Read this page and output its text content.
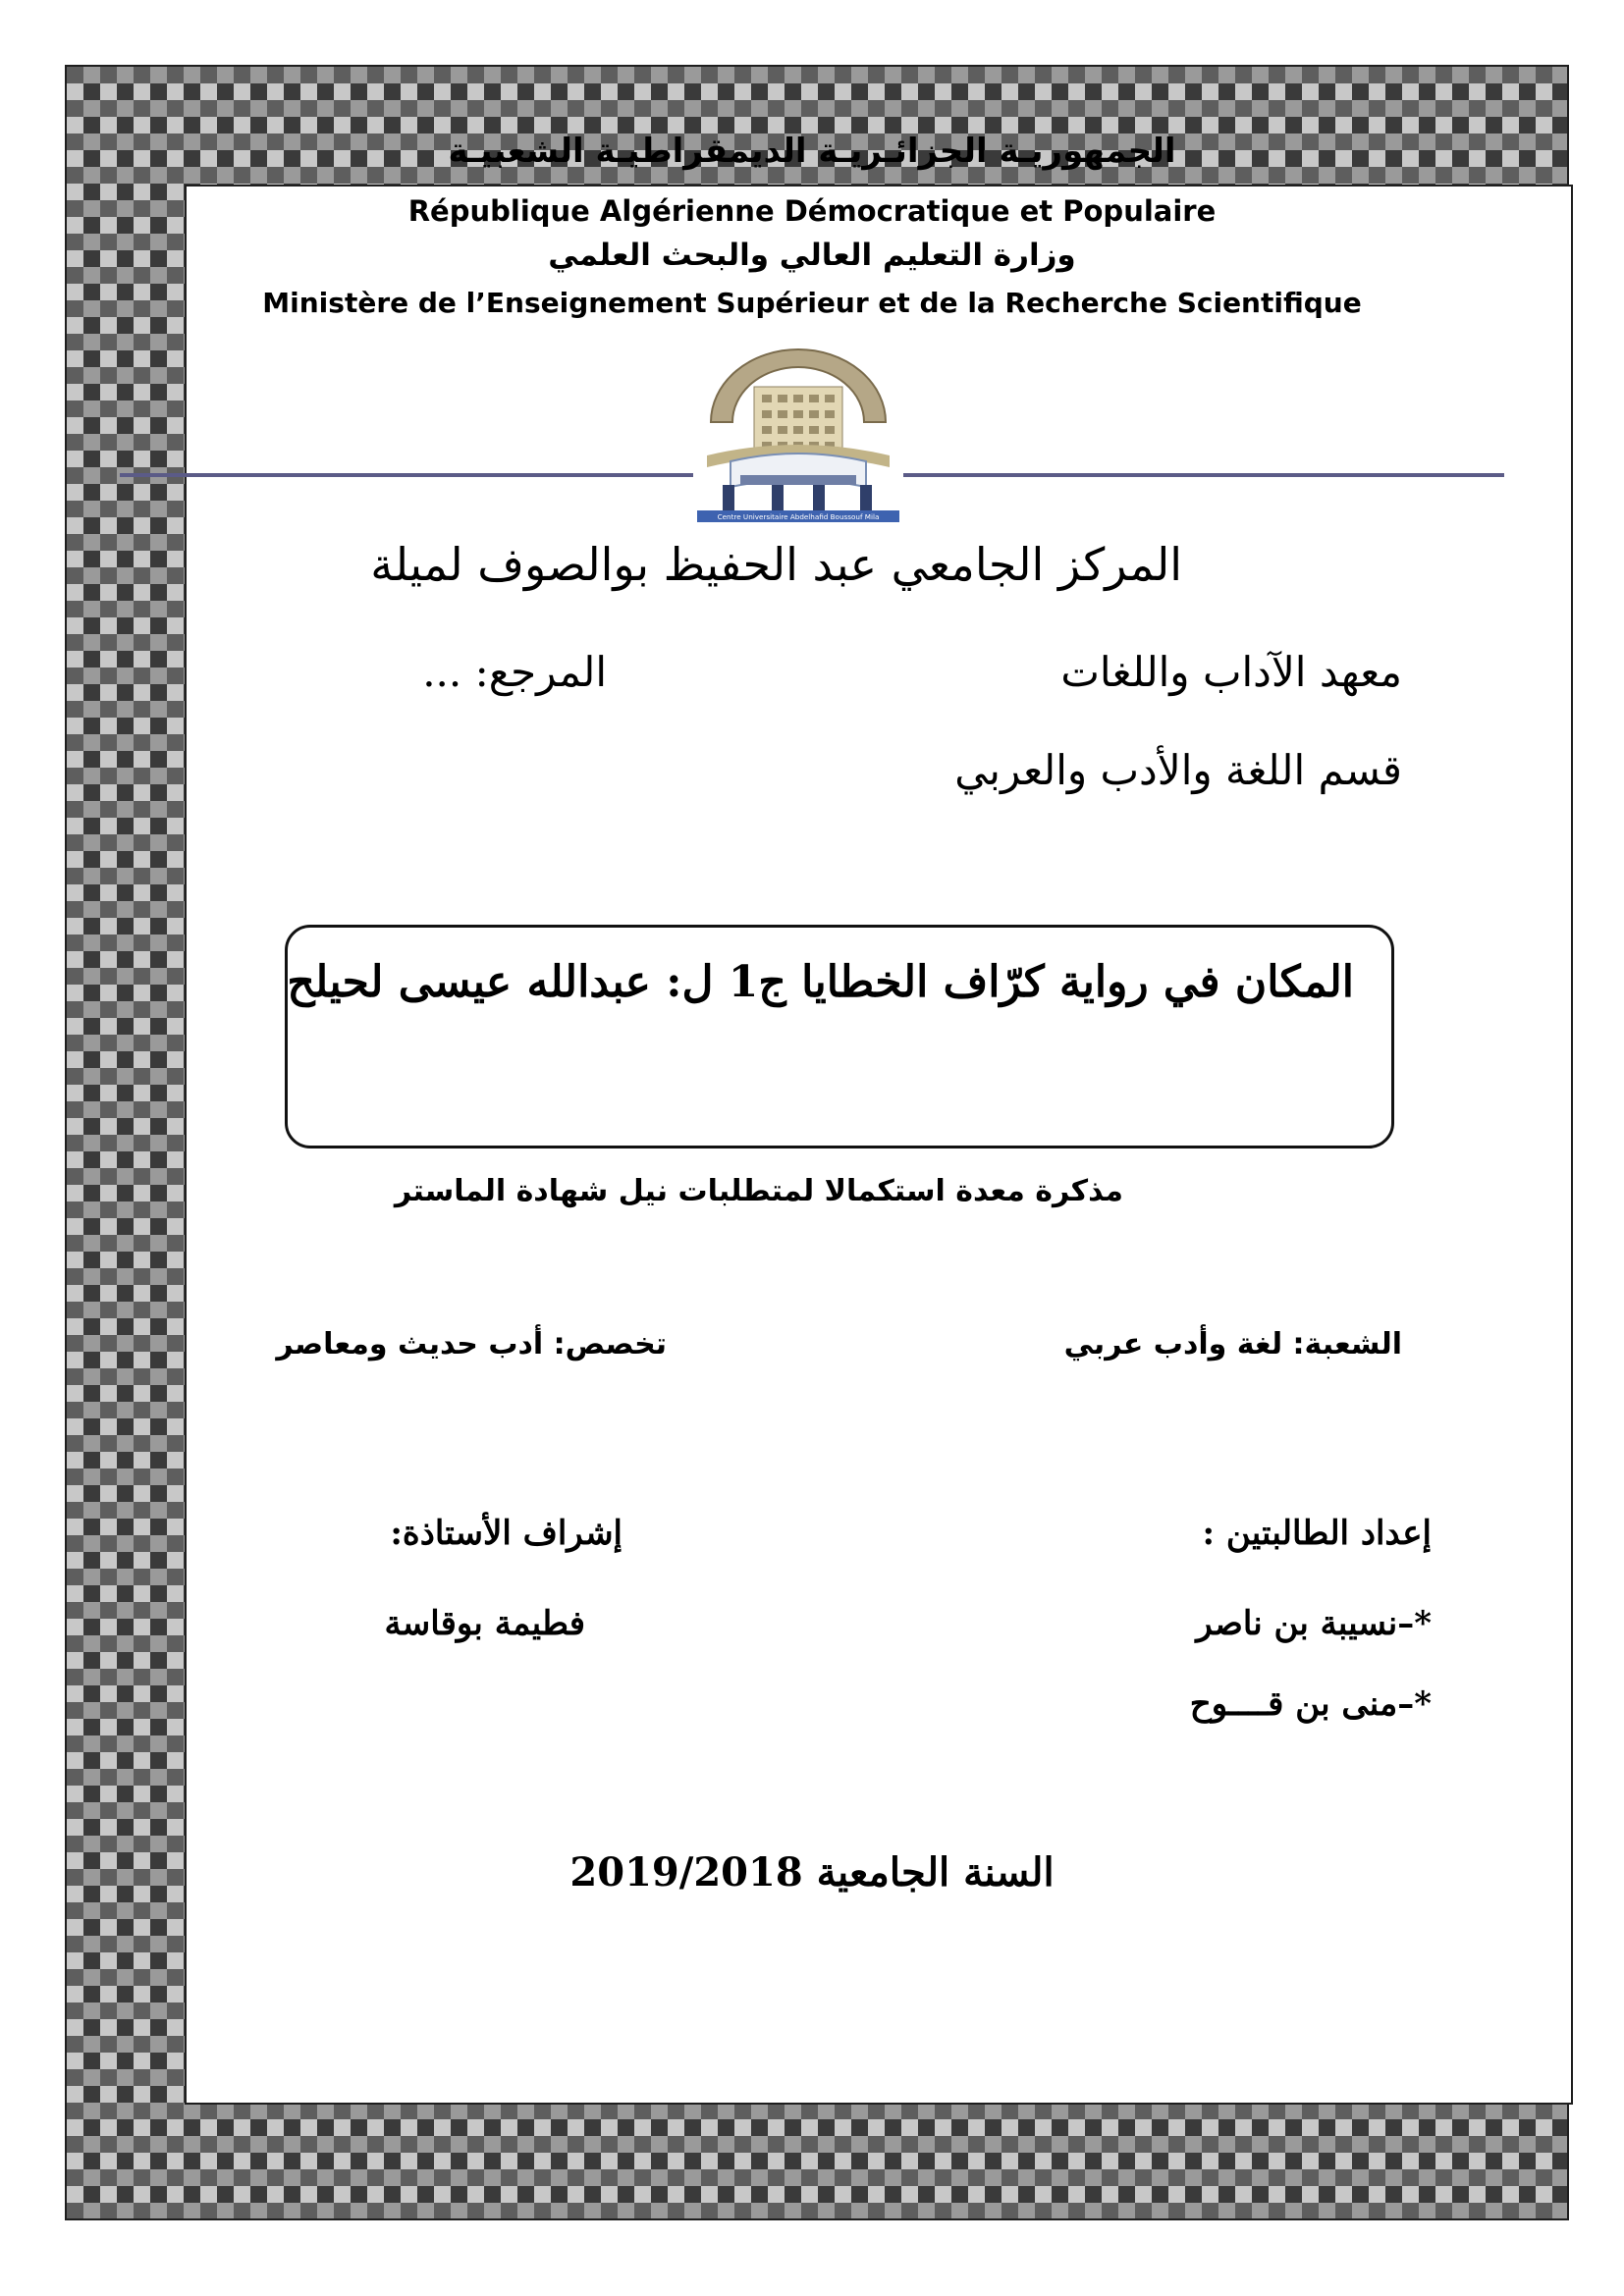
الجمهوريـة الجزائـريـة الديمقراطيـة الشعبيـة
République Algérienne Démocratique et Populaire
وزارة التعليم العالي والبحث العلمي
Ministère de l’Enseignement Supérieur et de la Recherche Scientifique
Centre Universitaire Abdelhafid Boussouf Mila
المركز الجامعي عبد الحفيظ بوالصوف لميلة
معهد الآداب واللغات
المرجع: ...
قسم اللغة والأدب والعربي
المكان في رواية كرّاف الخطايا ج1 ل: عبدالله عيسى لحيلح
مذكرة معدة استكمالا لمتطلبات نيل شهادة الماستر
الشعبة: لغة وأدب عربي
تخصص: أدب حديث ومعاصر
إعداد الطالبتين :
*–نسيبة بن ناصر
*–منى بن قــــوح
إشراف الأستاذة:
فطيمة بوقاسة
السنة الجامعية 2019/2018
